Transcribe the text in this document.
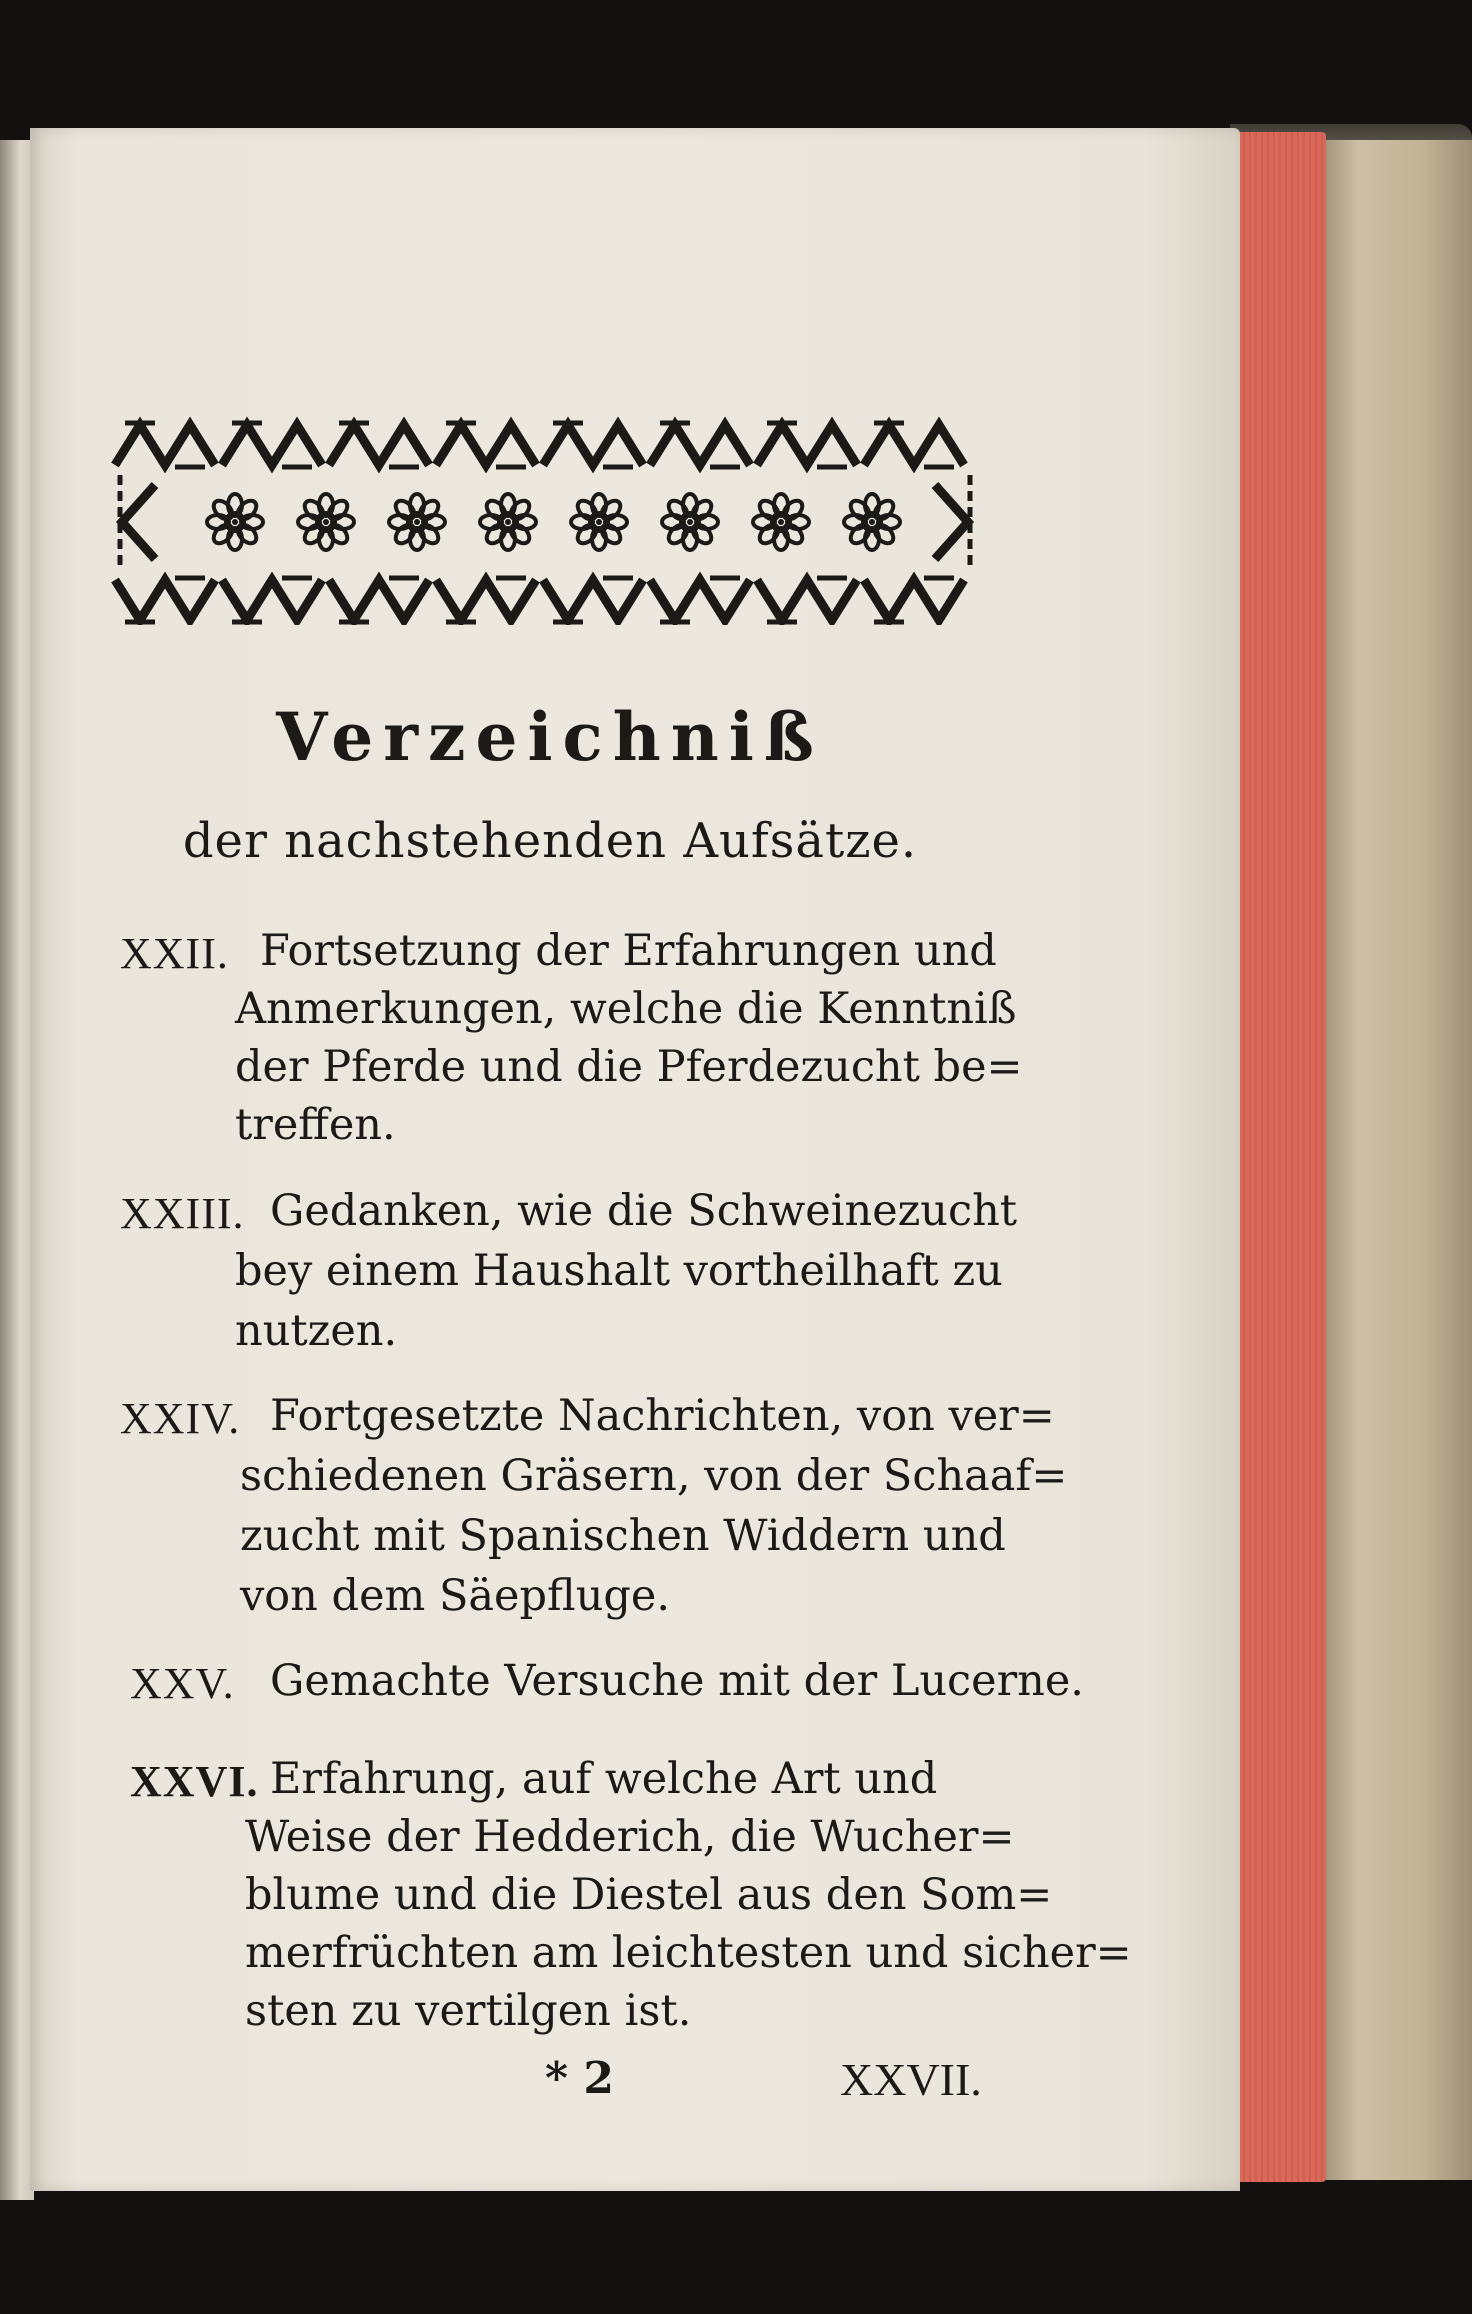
Verzeichniß
der nachstehenden Aufsätze.
XXII. Fortsetzung der Erfahrungen und
Anmerkungen, welche die Kenntniß
der Pferde und die Pferdezucht be=
treffen.
XXIII. Gedanken, wie die Schweinezucht
bey einem Haushalt vortheilhaft zu
nutzen.
XXIV. Fortgesetzte Nachrichten, von ver=
schiedenen Gräsern, von der Schaaf=
zucht mit Spanischen Widdern und
von dem Säepfluge.
XXV. Gemachte Versuche mit der Lucerne.
XXVI. Erfahrung, auf welche Art und
Weise der Hedderich, die Wucher=
blume und die Diestel aus den Som=
merfrüchten am leichtesten und sicher=
sten zu vertilgen ist.
* 2	XXVII.
